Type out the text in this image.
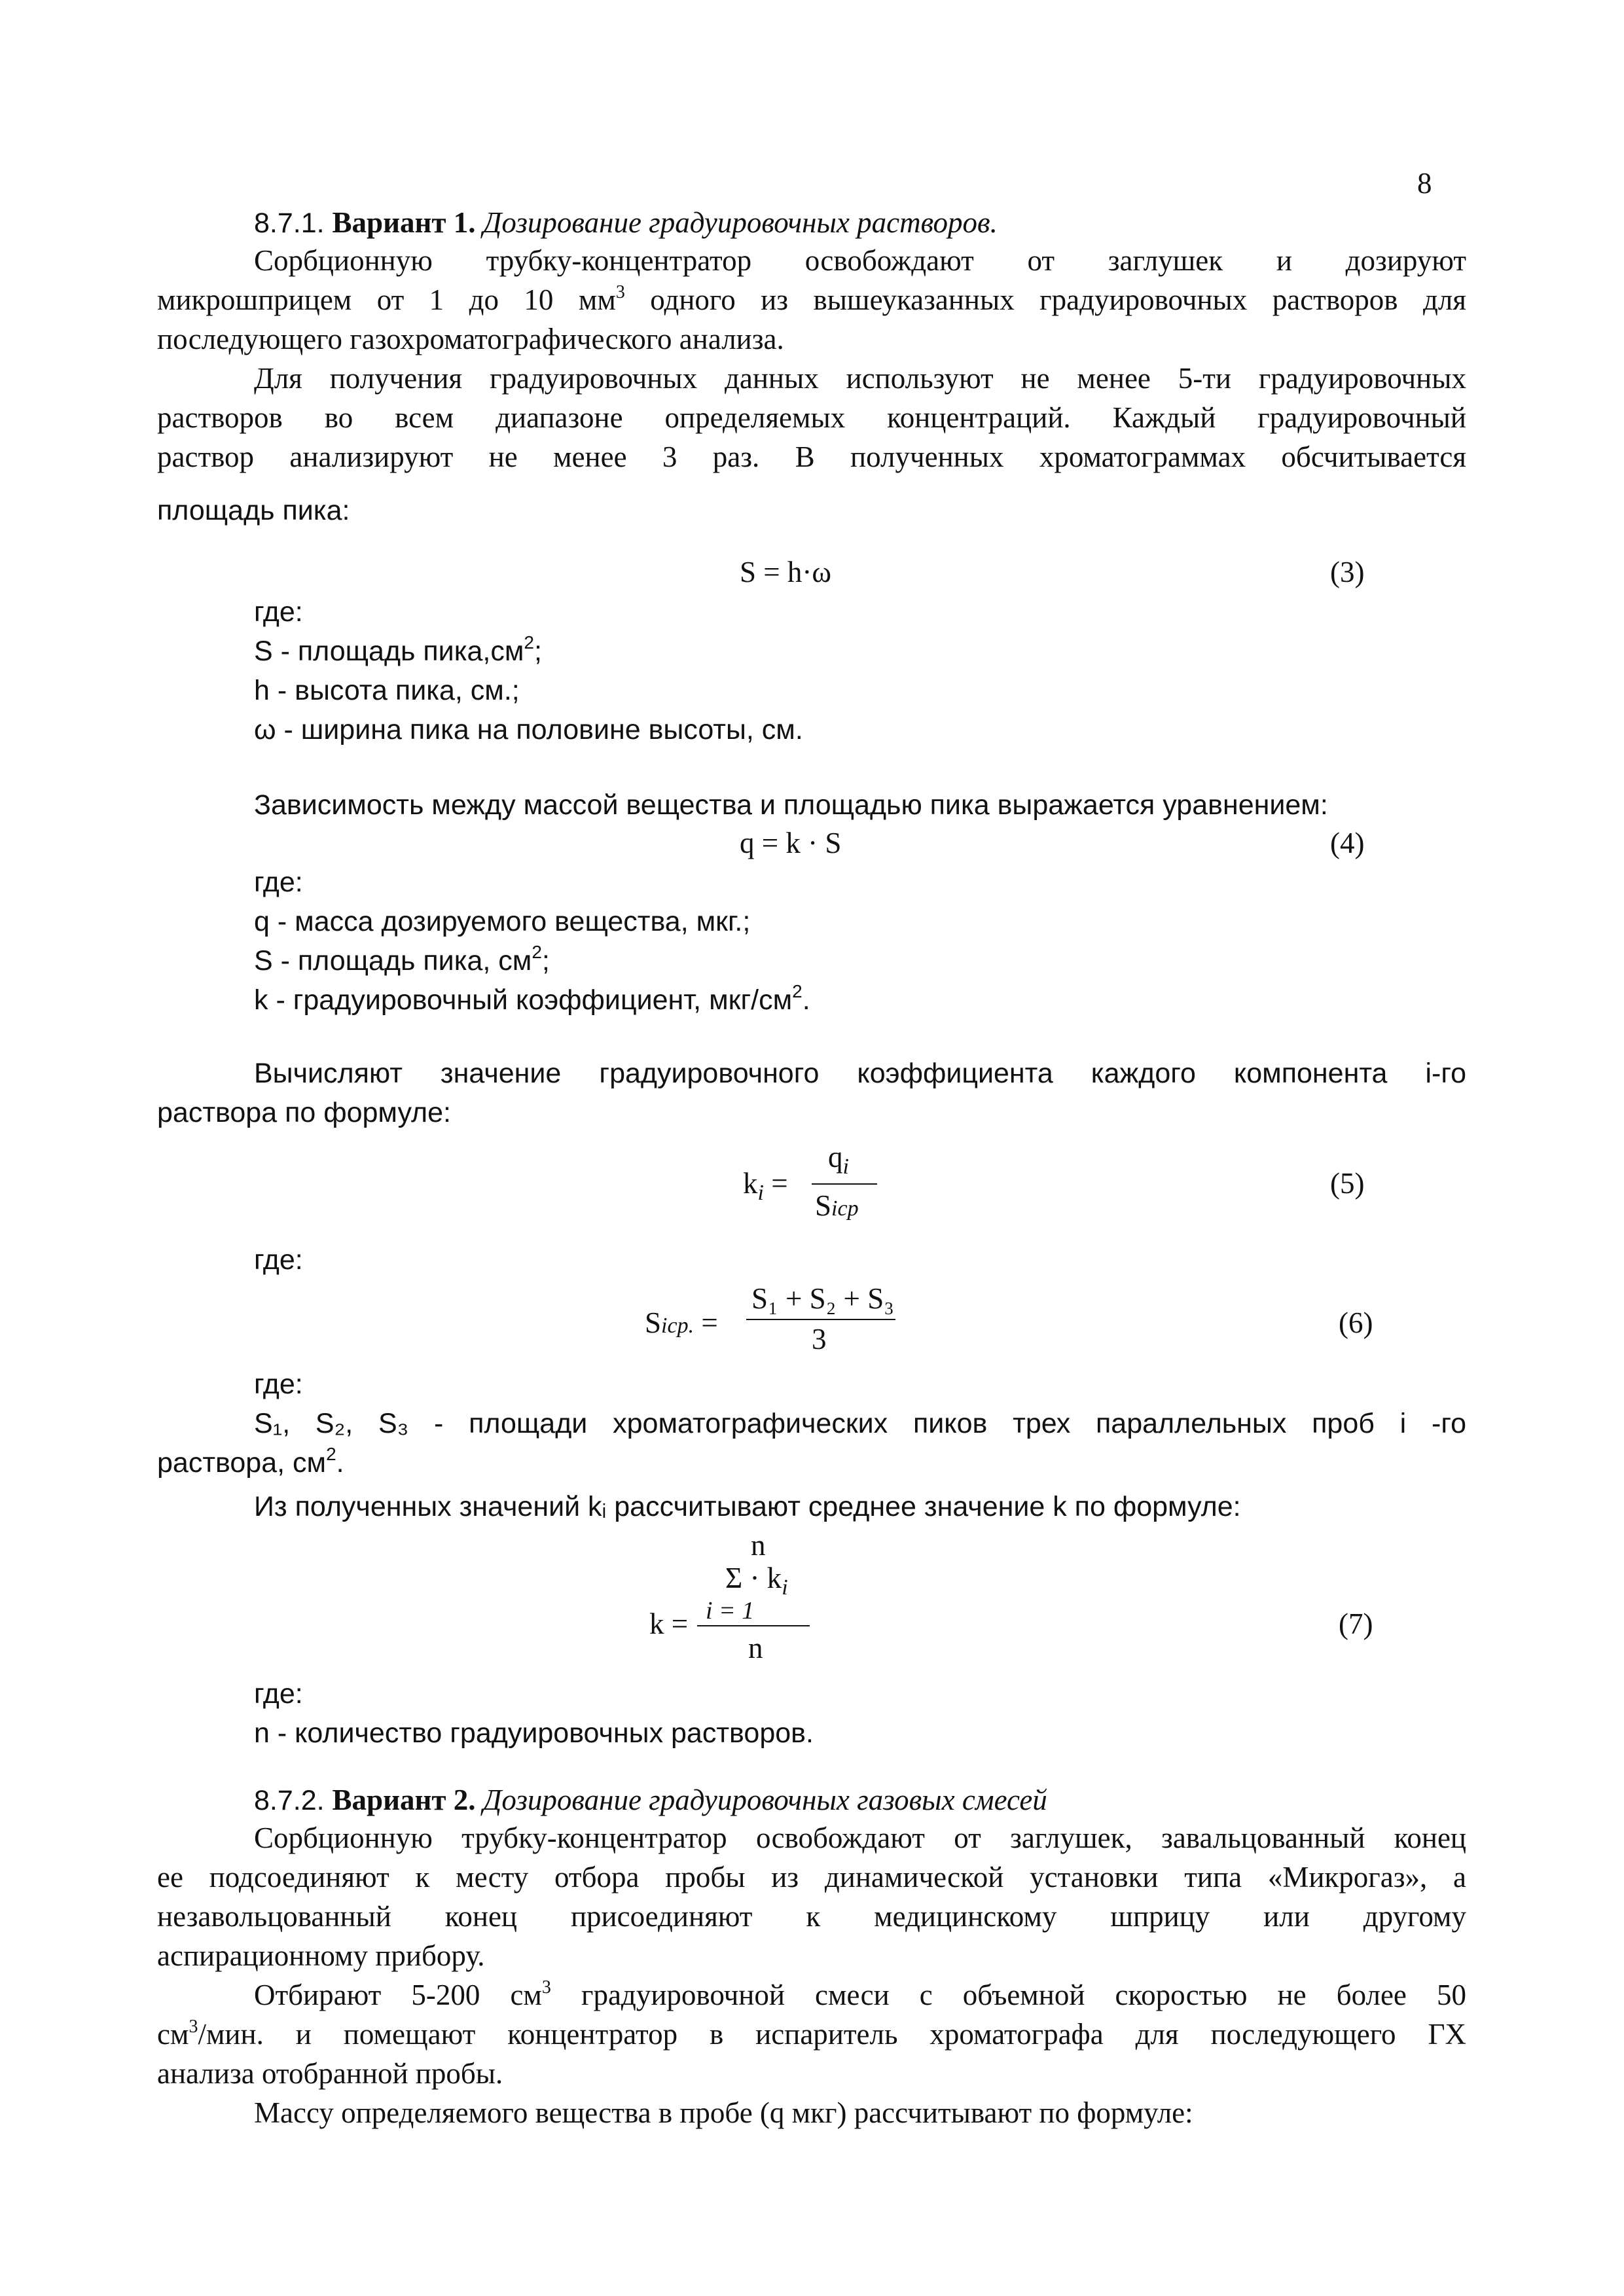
8
8.7.1. Вариант 1. Дозирование градуировочных растворов.
Сорбционную трубку-концентратор освобождают от заглушек и дозируют
микрошприцем от 1 до 10 $мм^3$ одного из вышеуказанных градуировочных растворов для
последующего газохроматографического анализа.
Для получения градуировочных данных используют не менее 5-ти градуировочных
растворов во всем диапазоне определяемых концентраций. Каждый градуировочный
раствор анализируют не менее 3 раз. В полученных хроматограммах обсчитывается
площадь пика:
S = h·ω	(3)
где:
S - площадь $пика,см^2$;
h - высота пика, см.;
ω - ширина пика на половине высоты, см.
Зависимость между массой вещества и площадью пика выражается уравнением:
q = k · S	(4)
где:
q - масса дозируемого вещества, мкг.;
S - площадь пика, $см^2$;
k - градуировочный коэффициент, мкг/$см^2$.
Вычисляют значение градуировочного коэффициента каждого компонента i-го
раствора по формуле:
$k_i$ =
$q_i$
Sicp
(5)
где:
Sicp. =
S₁ + S₂ + S₃
3	(6)
где:
S₁, S₂, S₃ - площади хроматографических пиков трех параллельных проб i -го
раствора, $см^2$.
Из полученных значений kᵢ рассчитывают среднее значение k по формуле:
n
$\Sigma \cdot k_i$
i = 1
k =
n
(7)
где:
n - количество градуировочных растворов.
8.7.2. Вариант 2. Дозирование градуировочных газовых смесей
Сорбционную трубку-концентратор освобождают от заглушек, завальцованный конец
ее подсоединяют к месту отбора пробы из динамической установки типа «Микрогаз», а
незавольцованный конец присоединяют к медицинскому шприцу или другому
аспирационному прибору.
Отбирают 5-200 $см^3$ градуировочной смеси с объемной скоростью не более 50
$см^3$/мин. и помещают концентратор в испаритель хроматографа для последующего ГХ
анализа отобранной пробы.
Массу определяемого вещества в пробе (q мкг) рассчитывают по формуле:
